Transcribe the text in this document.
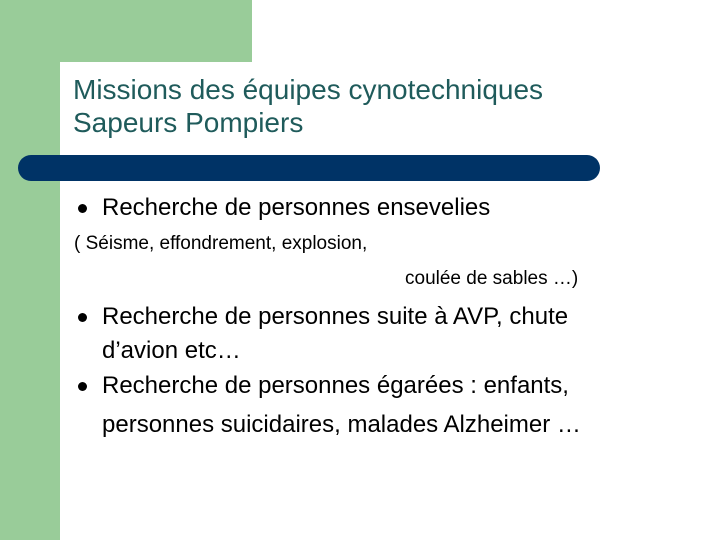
Missions des équipes cynotechniques
Sapeurs Pompiers
Recherche de personnes ensevelies
( Séisme, effondrement, explosion,
coulée de sables …)
Recherche de personnes suite à AVP, chute
d’avion etc…
Recherche de personnes égarées : enfants,
personnes suicidaires, malades Alzheimer …
